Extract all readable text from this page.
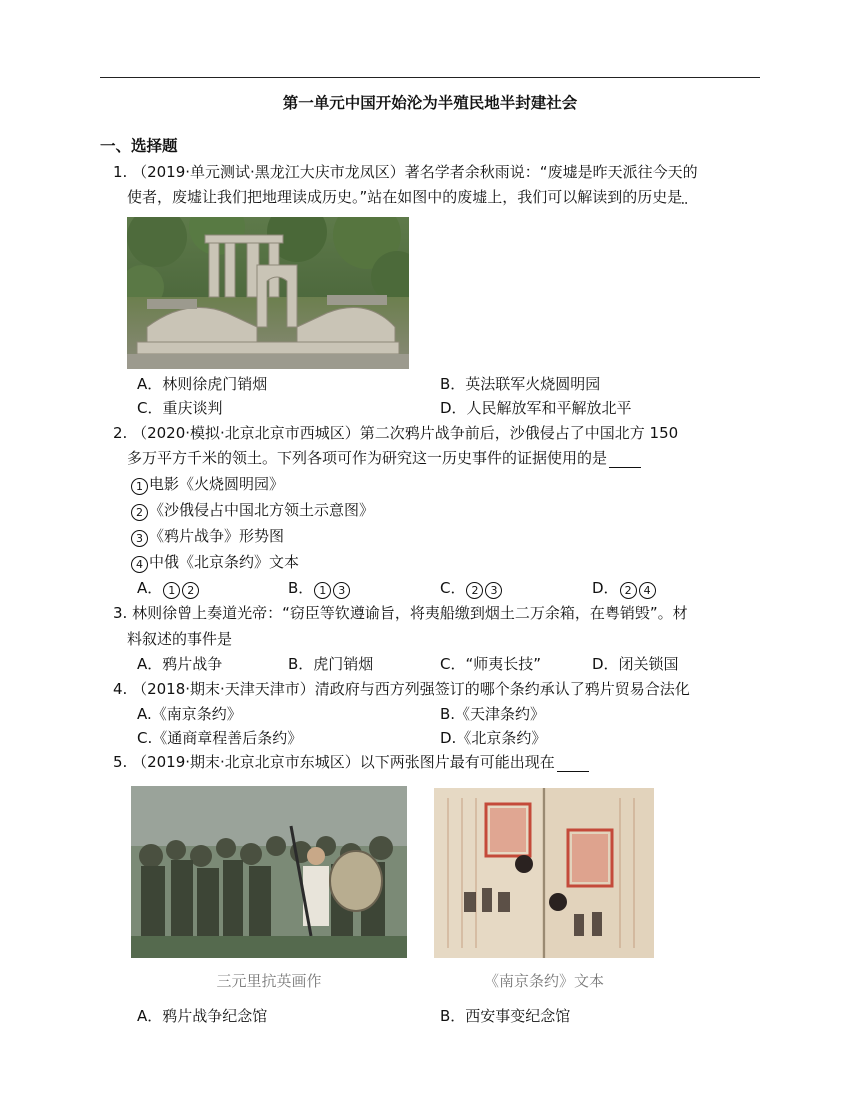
第一单元中国开始沦为半殖民地半封建社会
一、选择题
1. （2019·单元测试·黑龙江大庆市龙凤区）著名学者余秋雨说：“废墟是昨天派往今天的
使者，废墟让我们把地理读成历史。”站在如图中的废墟上，我们可以解读到的历史是
A．林则徐虎门销烟	B．英法联军火烧圆明园
C．重庆谈判	D．人民解放军和平解放北平
2. （2020·模拟·北京北京市西城区）第二次鸦片战争前后，沙俄侵占了中国北方 150
多万平方千米的领土。下列各项可作为研究这一历史事件的证据使用的是
1 电影《火烧圆明园》
2 《沙俄侵占中国北方领土示意图》
3 《鸦片战争》形势图
4 中俄《北京条约》文本
A． 1 2	B． 1 3	C． 2 3	D． 2 4
3. 林则徐曾上奏道光帝：“窃臣等钦遵谕旨，将夷船缴到烟土二万余箱，在粤销毁”。材
料叙述的事件是
A．鸦片战争	B．虎门销烟	C．“师夷长技”	D．闭关锁国
4. （2018·期末·天津天津市）清政府与西方列强签订的哪个条约承认了鸦片贸易合法化
A.《南京条约》	B.《天津条约》
C.《通商章程善后条约》	D.《北京条约》
5. （2019·期末·北京北京市东城区）以下两张图片最有可能出现在
三元里抗英画作	《南京条约》文本
A．鸦片战争纪念馆	B．西安事变纪念馆
